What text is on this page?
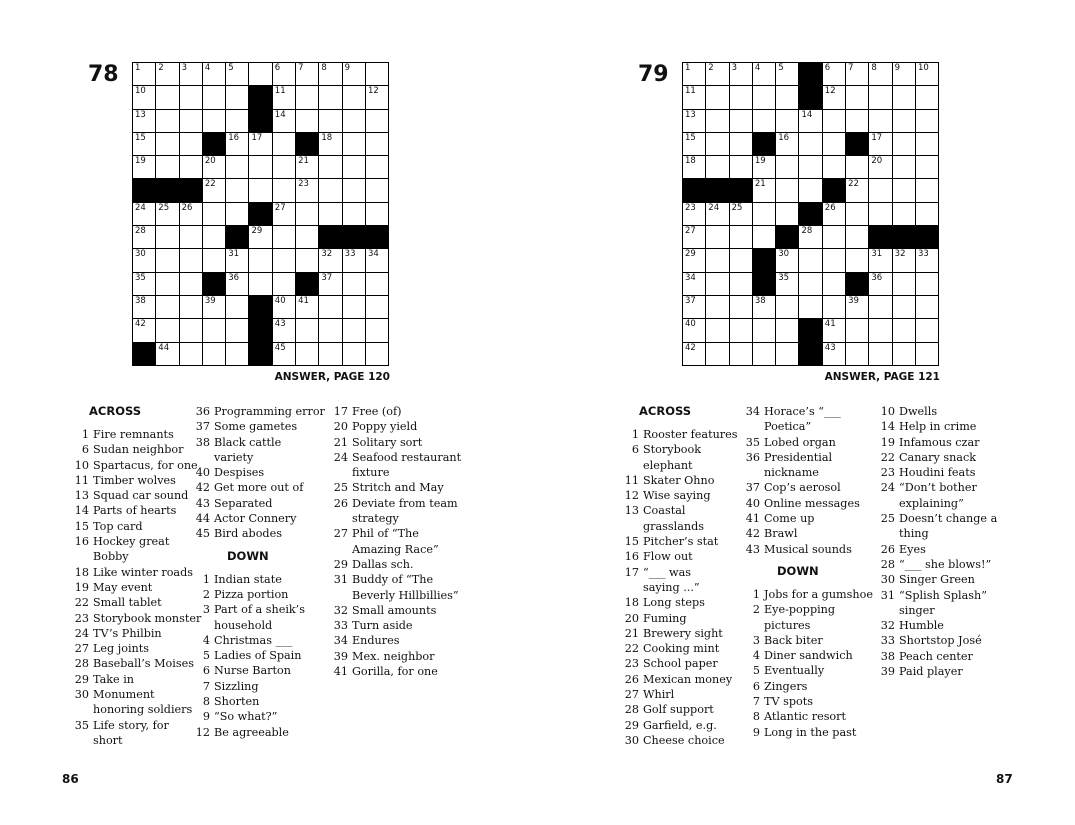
78 1 2 3 4 5	6 7 8 9
10	11	12
13	14
15	16 17	18
19	20	21
22	23
24 25 26	27
28	29
30	31	32 33 34
35	36	37
38	39	40 41
42	43
44	45
ANSWER, PAGE 120
ACROSS
1 Fire remnants
6 Sudan neighbor
10 Spartacus, for one
11 Timber wolves
13 Squad car sound
14 Parts of hearts
15 Top card
16 Hockey great
Bobby
18 Like winter roads
19 May event
22 Small tablet
23 Storybook monster
24 TV’s Philbin
27 Leg joints
28 Baseball’s Moises
29 Take in
30 Monument
honoring soldiers
35 Life story, for
short
36 Programming error
37 Some gametes
38 Black cattle
variety
40 Despises
42 Get more out of
43 Separated
44 Actor Connery
45 Bird abodes
DOWN
1 Indian state
2 Pizza portion
3 Part of a sheik’s
household
4 Christmas ___
5 Ladies of Spain
6 Nurse Barton
7 Sizzling
8 Shorten
9 “So what?”
12 Be agreeable
17 Free (of)
20 Poppy yield
21 Solitary sort
24 Seafood restaurant
fixture
25 Stritch and May
26 Deviate from team
strategy
27 Phil of “The
Amazing Race”
29 Dallas sch.
31 Buddy of “The
Beverly Hillbillies”
32 Small amounts
33 Turn aside
34 Endures
39 Mex. neighbor
41 Gorilla, for one
86
79 1 2 3 4 5	6 7 8 9 10
11	12
13	14
15	16	17
18	19	20
21	22
23 24 25	26
27	28
29	30	31 32 33
34	35	36
37	38	39
40	41
42	43
ANSWER, PAGE 121
ACROSS
1 Rooster features
6 Storybook
elephant
11 Skater Ohno
12 Wise saying
13 Coastal
grasslands
15 Pitcher’s stat
16 Flow out
17 “___ was
saying ...”
18 Long steps
20 Fuming
21 Brewery sight
22 Cooking mint
23 School paper
26 Mexican money
27 Whirl
28 Golf support
29 Garfield, e.g.
30 Cheese choice
34 Horace’s “___
Poetica”
35 Lobed organ
36 Presidential
nickname
37 Cop’s aerosol
40 Online messages
41 Come up
42 Brawl
43 Musical sounds
DOWN
1 Jobs for a gumshoe
2 Eye-popping
pictures
3 Back biter
4 Diner sandwich
5 Eventually
6 Zingers
7 TV spots
8 Atlantic resort
9 Long in the past
10 Dwells
14 Help in crime
19 Infamous czar
22 Canary snack
23 Houdini feats
24 “Don’t bother
explaining”
25 Doesn’t change a
thing
26 Eyes
28 “___ she blows!”
30 Singer Green
31 “Splish Splash”
singer
32 Humble
33 Shortstop José
38 Peach center
39 Paid player
87
